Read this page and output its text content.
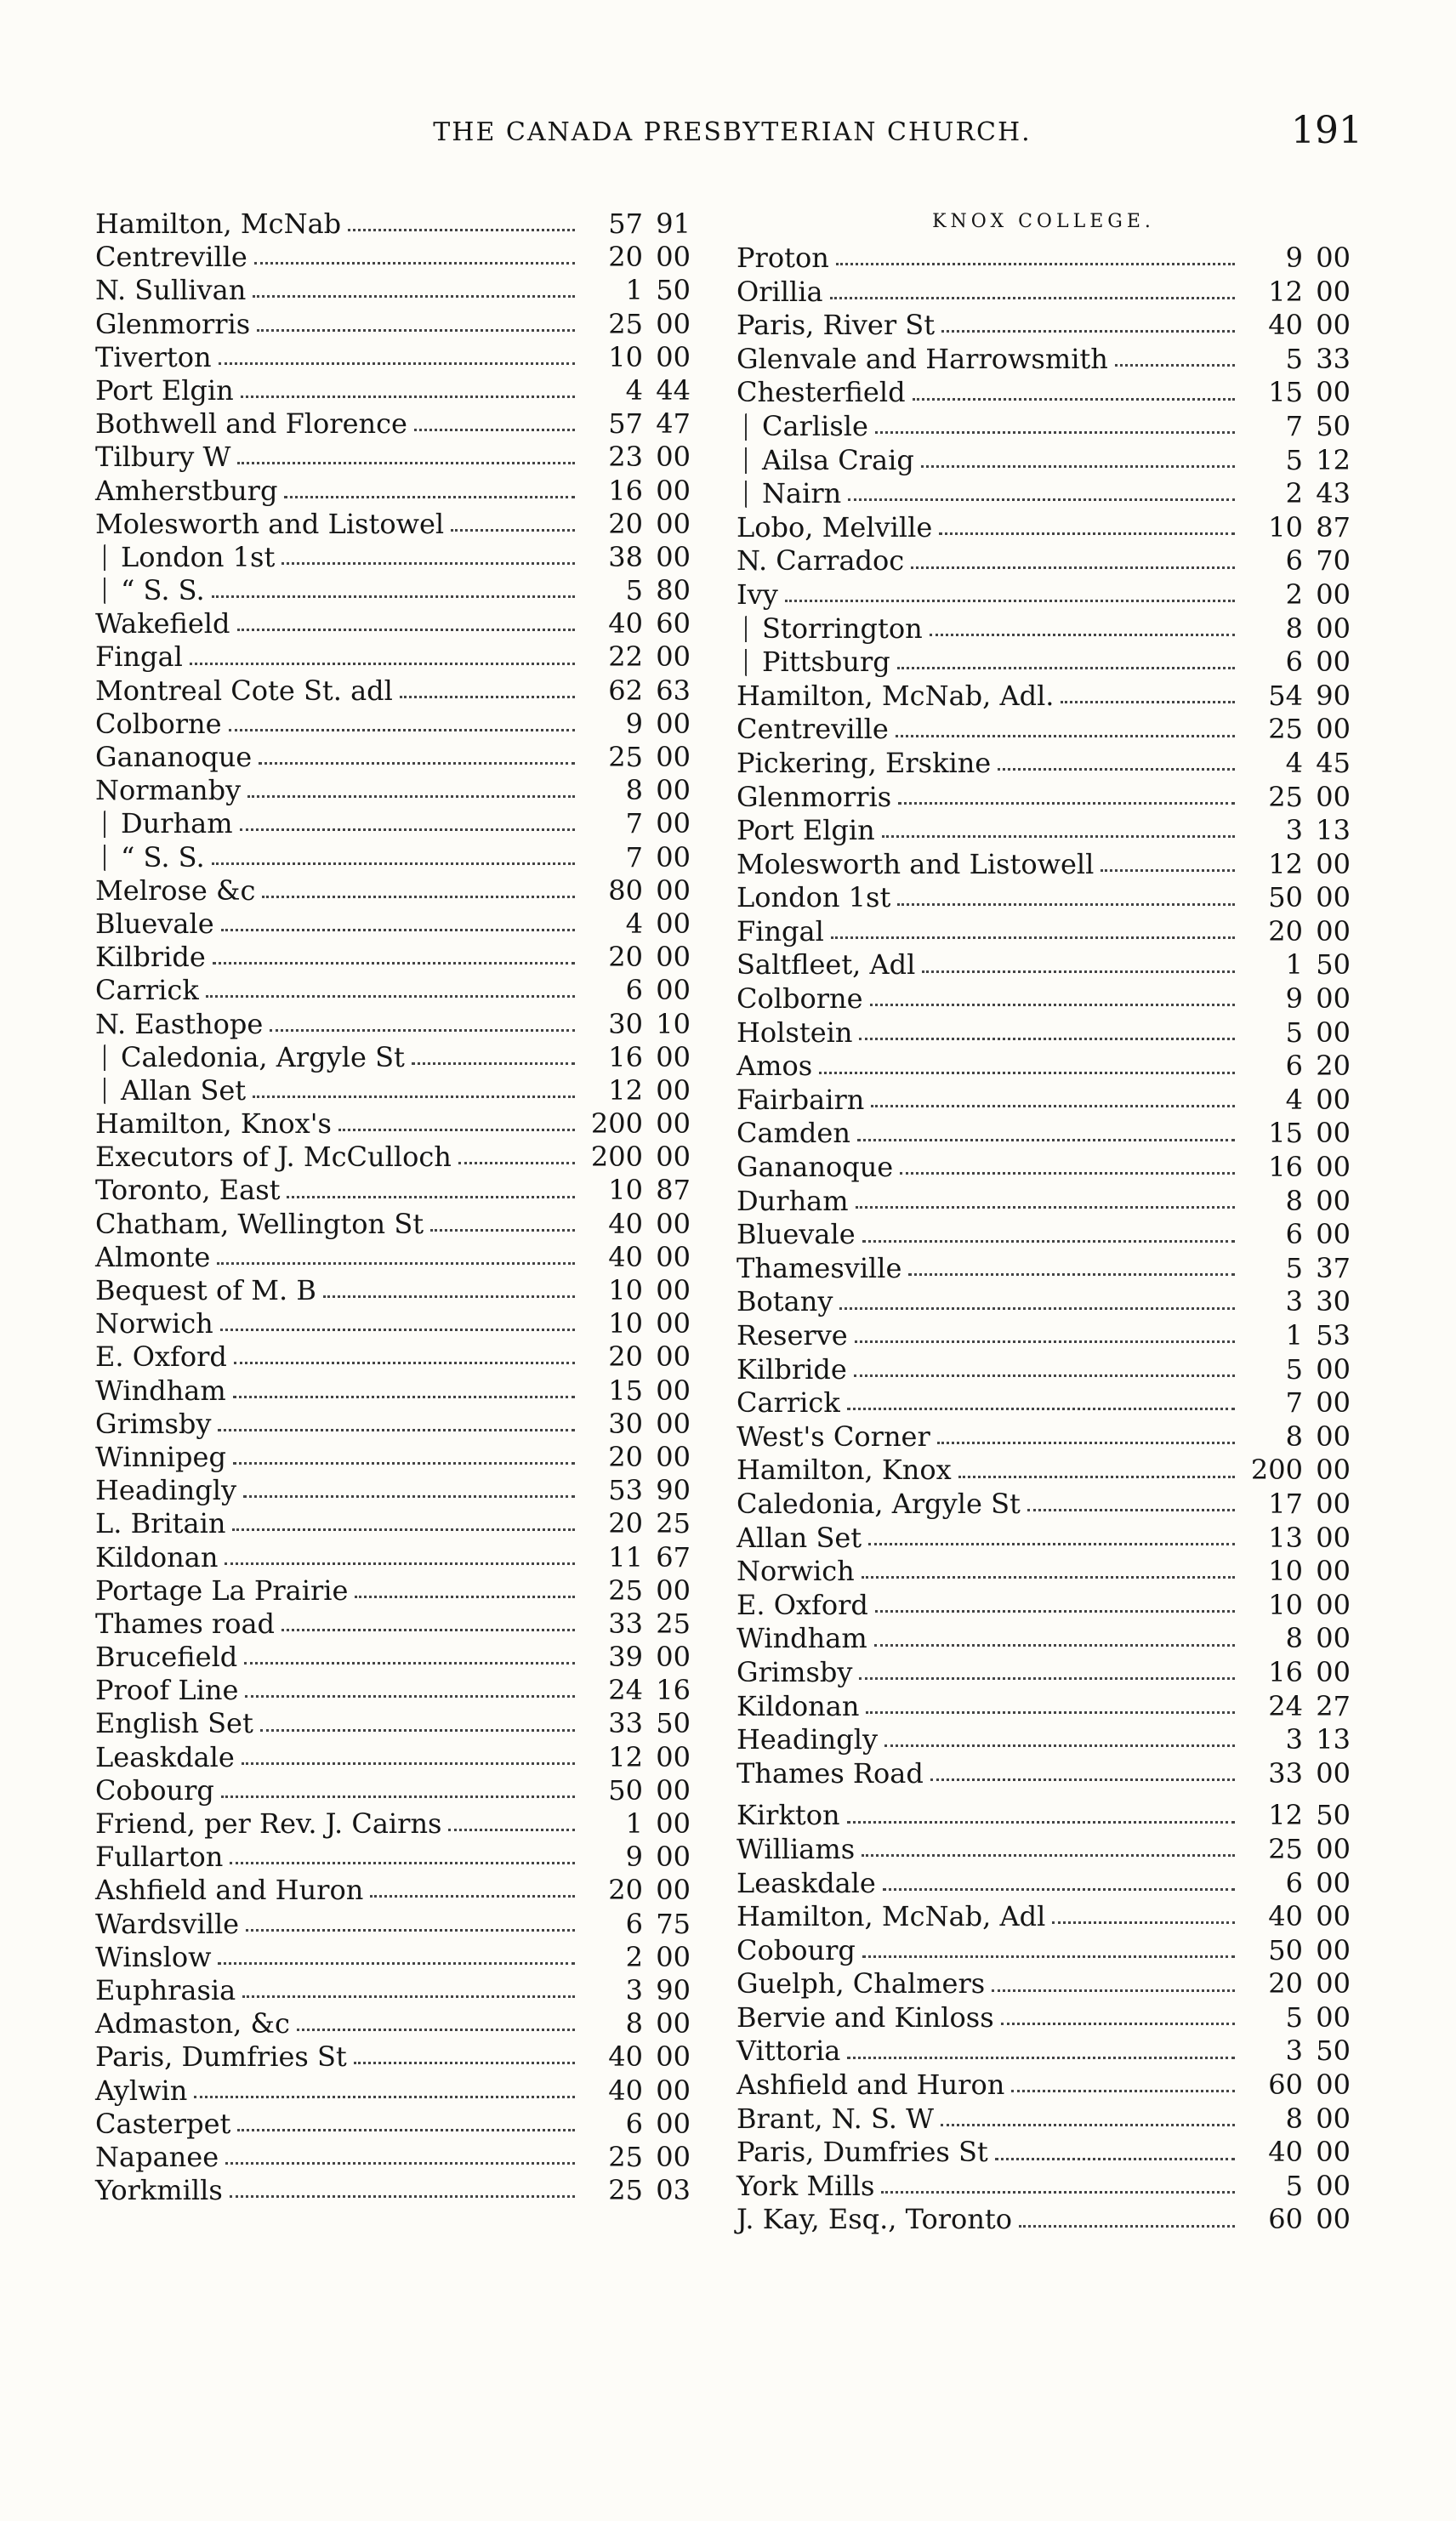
THE CANADA PRESBYTERIAN CHURCH.	191
Hamilton, McNab	57 91
Centreville	20 00
N. Sullivan	1 50
Glenmorris	25 00
Tiverton	10 00
Port Elgin	4 44
Bothwell and Florence	57 47
Tilbury W	23 00
Amherstburg	16 00
Molesworth and Listowel	20 00
London 1st	38 00
“ S. S.	5 80
Wakefield	40 60
Fingal	22 00
Montreal Cote St. adl	62 63
Colborne	9 00
Gananoque	25 00
Normanby	8 00
Durham	7 00
“ S. S.	7 00
Melrose &c	80 00
Bluevale	4 00
Kilbride	20 00
Carrick	6 00
N. Easthope	30 10
Caledonia, Argyle St	16 00
Allan Set	12 00
Hamilton, Knox's	200 00
Executors of J. McCulloch	200 00
Toronto, East	10 87
Chatham, Wellington St	40 00
Almonte	40 00
Bequest of M. B	10 00
Norwich	10 00
E. Oxford	20 00
Windham	15 00
Grimsby	30 00
Winnipeg	20 00
Headingly	53 90
L. Britain	20 25
Kildonan	11 67
Portage La Prairie	25 00
Thames road	33 25
Brucefield	39 00
Proof Line	24 16
English Set	33 50
Leaskdale	12 00
Cobourg	50 00
Friend, per Rev. J. Cairns	1 00
Fullarton	9 00
Ashfield and Huron	20 00
Wardsville	6 75
Winslow	2 00
Euphrasia	3 90
Admaston, &c	8 00
Paris, Dumfries St	40 00
Aylwin	40 00
Casterpet	6 00
Napanee	25 00
Yorkmills	25 03
KNOX COLLEGE.
Proton	9 00
Orillia	12 00
Paris, River St	40 00
Glenvale and Harrowsmith	5 33
Chesterfield	15 00
Carlisle	7 50
Ailsa Craig	5 12
Nairn	2 43
Lobo, Melville	10 87
N. Carradoc	6 70
Ivy	2 00
Storrington	8 00
Pittsburg	6 00
Hamilton, McNab, Adl.	54 90
Centreville	25 00
Pickering, Erskine	4 45
Glenmorris	25 00
Port Elgin	3 13
Molesworth and Listowell	12 00
London 1st	50 00
Fingal	20 00
Saltfleet, Adl	1 50
Colborne	9 00
Holstein	5 00
Amos	6 20
Fairbairn	4 00
Camden	15 00
Gananoque	16 00
Durham	8 00
Bluevale	6 00
Thamesville	5 37
Botany	3 30
Reserve	1 53
Kilbride	5 00
Carrick	7 00
West's Corner	8 00
Hamilton, Knox	200 00
Caledonia, Argyle St	17 00
Allan Set	13 00
Norwich	10 00
E. Oxford	10 00
Windham	8 00
Grimsby	16 00
Kildonan	24 27
Headingly	3 13
Thames Road	33 00
Kirkton	12 50
Williams	25 00
Leaskdale	6 00
Hamilton, McNab, Adl	40 00
Cobourg	50 00
Guelph, Chalmers	20 00
Bervie and Kinloss	5 00
Vittoria	3 50
Ashfield and Huron	60 00
Brant, N. S. W	8 00
Paris, Dumfries St	40 00
York Mills	5 00
J. Kay, Esq., Toronto	60 00
